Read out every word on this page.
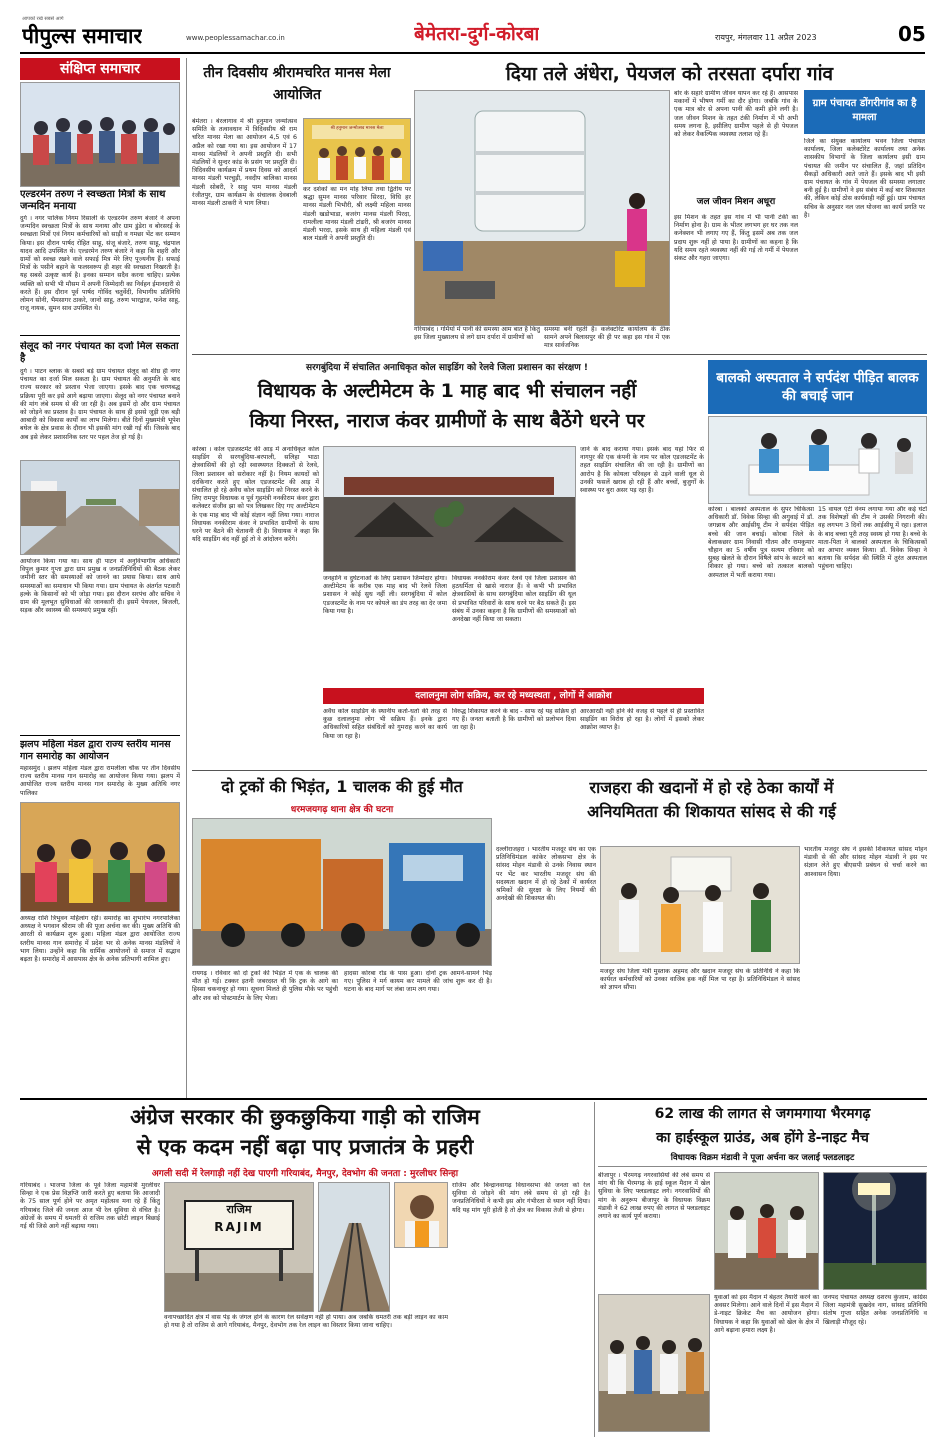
आपको रखे सबसे आगे
पीपुल्स समाचार	www.peoplessamachar.co.in	बेमेतरा-दुर्ग-कोरबा	रायपुर, मंगलवार 11 अप्रैल 2023	05
संक्षिप्त समाचार
एल्डरमेन तरुण ने स्वच्छता मित्रों के साथ जन्मदिन मनाया
दुर्ग । नगर पालिक निगम रिसाली के एल्डरमेन तरुण बंजारे ने अपना जन्मदिन स्वच्छता मित्रों के साथ मनाया और ग्राम डुंडेरा व बोरसरई के स्वच्छता मित्रों एवं निगम कर्मचारियों को साड़ी व गमछा भेंट कर सम्मान किया। इस दौरान पार्षद रोहित साहू, संजू बंजारे, तरुण साहू, चंद्रपाल यादव आदि उपस्थित थे। एल्डरमेन तरुण बंजारे ने कहा कि शहरी और ग्रामों को स्वच्छ रखने वाले सफाई मित्र मेरे लिए पूज्यनीय हैं। सफाई मित्रों के पसीने बहाने के फलस्वरूप ही शहर की स्वच्छता निखरती है। यह सबसे उत्कृष्ट कार्य है। इनका सम्मान सदैव करना चाहिए। प्रत्येक व्यक्ति को सभी भी मौसम में अपनी जिम्मेदारी का निर्वहन ईमानदारी से करते हैं। इस दौरान पूर्व पार्षद गोविंद चतुर्वेदी, विभागीय प्रतिनिधि लोमन सोनी, भैमसागर ठाकरे, जानो साहू, तरुण भारद्वाज, फनेश साहू, राजू नायक, सुमन साव उपस्थित थे।
सेलूद को नगर पंचायत का दर्जा मिल सकता है
दुर्ग । पाटन ब्लाक के सबसे बड़े ग्राम पंचायत सेलूद को शीघ्र ही नगर पंचायत का दर्जा मिल सकता है। ग्राम पंचायत की अनुमति के बाद राज्य सरकार को प्रस्ताव भेजा जाएगा। इसके बाद एक चरणबद्ध प्रक्रिया पूरी कर इसे आगे बढ़ाया जाएगा। सेलूद को नगर पंचायत बनाने की मांग लंबे समय से की जा रही है। अब इसमें दो और ग्राम पंचायत को जोड़ने का प्रस्ताव है। ग्राम पंचायत के साथ ही इससे जुड़ी एक बड़ी आबादी को विकास कार्यों का लाभ मिलेगा। बीते दिनों मुख्यमंत्री भूपेश बघेल के क्षेत्र प्रवास के दौरान भी इसकी मांग रखी गई थी। जिसके बाद अब इसे लेकर प्रशासनिक स्तर पर पहल तेज हो गई है।
आयोजन किया गया था। साथ ही पाटन में अनुविभागीय अधिकारी विपुल कुमार गुप्ता द्वारा ग्राम प्रमुख व जनप्रतिनिधियों की बैठक लेकर जमीनी स्तर की समस्याओं को जानने का प्रयास किया। साथ आये समस्याओं का समाधान भी किया गया। ग्राम पंचायत के अंतर्गत पटवारी हल्के के किसानों को भी जोड़ा गया। इस दौरान सरपंच और सचिव ने ग्राम की मूलभूत सुविधाओं की जानकारी दी। इसमें पेयजल, बिजली, सड़क और स्वास्थ्य की समस्याएं प्रमुख रहीं।
झलप महिला मंडल द्वारा राज्य स्तरीय मानस गान समारोह का आयोजन
महासमुंद । झलप महिला मंडल द्वारा रामलीला चौक पर तीन दिवसीय राज्य स्तरीय मानस गान समारोह का आयोजन किया गया। झलप में आयोजित राज्य स्तरीय मानस गान समारोह के मुख्य अतिथि नगर पालिका
अध्यक्ष राशि त्रिभुवन महिलांग रहीं। समारोह का शुभारंभ नगरपालिका अध्यक्ष ने भगवान श्रीराम जी की पूजा अर्चना कर की। मुख्य अतिथि की आरती से कार्यक्रम शुरू हुआ। महिला मंडल द्वारा आयोजित राज्य स्तरीय मानस गान समारोह में प्रदेश भर से अनेक मानस मंडलियों ने भाग लिया। उन्होंने कहा कि धार्मिक आयोजनों से समाज में सद्भाव बढ़ता है। समारोह में आसपास क्षेत्र के अनेक प्रतिभागी शामिल हुए।
तीन दिवसीय श्रीरामचरित मानस मेला आयोजित
बेमेतरा । बेरलागाव में श्री हनुमान जन्मोत्सव समिति के तत्वावधान में त्रिदिवसीय श्री राम चरित मानस मेला का आयोजन 4,5 एवं 6 अप्रैल को रखा गया था। इस आयोजन में 17 मानस मंडलियों ने अपनी प्रस्तुति दी। सभी मंडलियों ने सुन्दर कांड के प्रसंग पर प्रस्तुति दी। त्रिदिवसीय कार्यक्रम में प्रथम दिवस को आदर्श मानस मंडली भरचुड़ी, नवदीप बालिका मानस मंडली सोबरी, रे साहु पाम मानस मंडली रंजीतपुर, ग्राम कार्यक्रम के संचालक देवबाली मानस मंडली ठाकरी ने भाग लिया।
श्री हनुमान जन्मोत्सव मानस मेला
कर दर्शकों का मन मोह लिया तथा द्वितीय पर श्रद्धा सुमन मानस परिवार सिरदा, विधि हर मानस मंडली भिभौरी, श्री लक्ष्मी महिला मानस मंडली खडोभाडा, बजरंग मानस मंडली पिरदा, रामलीला मानस मंडली टांढरी, श्री बजरंग मानस मंडली भरदा, इसके साथ ही महिला मंडली एवं बाल मंडली ने अपनी प्रस्तुति दी।
दिया तले अंधेरा, पेयजल को तरसता दर्पारा गांव
गरियाबंद । गर्मियों में पानी की समस्या आम बात है किंतु इस जिला मुख्यालय से लगे ग्राम दर्पारा में ग्रामीणों को
समस्या बनी रहती है। कलेक्टोरेट कार्यालय के ठीक सामने अपने बिलासपुर की ही पर कहा इस गांव में एक मात्र सार्वजनिक
बोर के सहारे ग्रामीण जीवन यापन कर रहे हैं। आसपास मकानों में भीषण गर्मी का दौर होगा। जबकि गांव के एक मात्र बोर से अपना पानी की कमी होने लगी है। जल जीवन मिशन के तहत टंकी निर्माण में भी अभी समय लगना है, इसीलिए ग्रामीण पहले से ही पेयजल को लेकर वैकल्पिक व्यवस्था तलाश रहे हैं।
जल जीवन मिशन अधूरा
इस मिशन के तहत इस गांव में भी पानी टंकी का निर्माण होना है। ग्राम के भीतर लगभग हर घर तक नल कनेक्शन भी लगाए गए हैं, किंतु इसमें अब तक जल प्रदाय शुरू नहीं हो पाया है। ग्रामीणों का कहना है कि यदि समय रहते व्यवस्था नहीं की गई तो गर्मी में पेयजल संकट और गहरा जाएगा।
ग्राम पंचायत डोंगरीगांव का है मामला
जिले का संयुक्त कार्यालय भवन जिला पंचायत कार्यालय, जिला कलेक्टोरेट कार्यालय तथा अनेक शासकीय विभागों के जिला कार्यालय इसी ग्राम पंचायत की जमीन पर संचालित हैं, जहां प्रतिदिन सैकड़ों अधिकारी आते जाते हैं। इसके बाद भी इसी ग्राम पंचायत के गांव में पेयजल की समस्या लगातार बनी हुई है। ग्रामीणों ने इस संबंध में कई बार शिकायत की, लेकिन कोई ठोस कार्यवाही नहीं हुई। ग्राम पंचायत सचिव के अनुसार नल जल योजना का कार्य प्रगति पर है।
सरगबुंदिया में संचालित अनाधिकृत कोल साइडिंग को रेलवे जिला प्रशासन का संरक्षण !
विधायक के अल्टीमेटम के 1 माह बाद भी संचालन नहीं
किया निरस्त, नाराज कंवर ग्रामीणों के साथ बैठेंगे धरने पर
कोरबा । कोल एडजस्टमेंट की आड़ में अनाधिकृत कोल साइडिंग से सरगबुंदिया-बरपाली, सलिहा भाठा क्षेत्रवासियों की हो रही स्वास्थ्यगत दिक्कतों से रेलवे, जिला प्रशासन को सरोकार नहीं है। नियम कायदों को दरकिनार करते हुए कोल एडजस्टमेंट की आड़ में संचालित हो रहे अवैध कोल साइडिंग को निरस्त करने के लिए रामपुर विधायक व पूर्व गृहमंत्री ननकीराम कंवर द्वारा कलेक्टर संजीव झा को पत्र लिखकर दिए गए अल्टीमेटम के एक माह बाद भी कोई संज्ञान नहीं लिया गया। नाराज विधायक ननकीराम कंवर ने प्रभावित ग्रामीणों के साथ धरने पर बैठने की चेतावनी दी है। विधायक ने कहा कि यदि साइडिंग बंद नहीं हुई तो वे आंदोलन करेंगे।
जनहानि व दुर्घटनाओं के लिए प्रशासन जिम्मेदार होगा। अल्टीमेटम के करीब एक माह बाद भी रेलवे जिला प्रशासन ने कोई सुध नहीं ली। सरगबुंदिया में कोल एडजस्टमेंट के नाम पर कोयले का डंप तरह का देर जमा किया गया है।
विधायक ननकीराम कंवर रेलवे एवं जिला प्रशासन की हठधर्मिता से खासे नाराज हैं। वे कभी भी प्रभावित क्षेत्रवासियों के साथ सरगबुंदिया कोल साइडिंग की धूल से प्रभावित परिवारों के साथ धरने पर बैठ सकते हैं। इस संबंध में उनका कहना है कि ग्रामीणों की समस्याओं को अनदेखा नहीं किया जा सकता।
जाने के बाद कराया गया। इसके बाद यहां फिर से नागपुर की एक कंपनी के नाम पर कोल एडजस्टमेंट के तहत साइडिंग संचालित की जा रही है। ग्रामीणों का आरोप है कि कोयला परिवहन से उड़ने वाली धूल से उनकी फसलें खराब हो रही हैं और बच्चों, बुजुर्गों के स्वास्थ्य पर बुरा असर पड़ रहा है।
दलालनुमा लोग सक्रिय, कर रहे मध्यस्थता , लोगों में आक्रोश
अवैध कोल साइडिंग के स्थानीय कर्ता-धर्ता की तरह से कुछ दलालनुमा लोग भी सक्रिय हैं। इनके द्वारा अधिकारियों सहित संबंधितों को गुमराह करने का कार्य किया जा रहा है।
विरुद्ध शिकायत करने के बाद - साफ रहे यह सक्रिय हो गए हैं। जनता बताती है कि ग्रामीणों को प्रलोभन दिया जा रहा है।
आरआरडी नहीं होने की वजह से पहले से ही प्रस्तावित साइडिंग का विरोध हो रहा है। लोगों में इसको लेकर आक्रोश व्याप्त है।
बालको अस्पताल ने सर्पदंश पीड़ित बालक की बचाई जान
कोरबा । बालको अस्पताल के सुपर चिकित्सा अधिकारी डॉ. विवेक सिन्हा की अगुवाई में डॉ. जगन्नाथ और आईसीयू टीम ने सर्पदंश पीड़ित बच्चे की जान बचाई। कोरबा जिले के बेलाकछार ग्राम निवासी गौतम और रामकुमार चौहान का 5 वर्षीय पुत्र सत्यम रविवार को सुबह खेलते के दौरान विषैले सांप के काटने का शिकार हो गया। बच्चे को तत्काल बालको अस्पताल में भर्ती कराया गया।
15 वायल एंटी वेनम लगाया गया और कई घंटों तक विशेषज्ञों की टीम ने उसकी निगरानी की। वह लगभग 3 दिनों तक आईसीयू में रहा। इलाज के बाद बच्चा पूरी तरह स्वस्थ हो गया है। बच्चे के माता-पिता ने बालको अस्पताल के चिकित्सकों का आभार व्यक्त किया। डॉ. विवेक सिन्हा ने बताया कि सर्पदंश की स्थिति में तुरंत अस्पताल पहुंचना चाहिए।
दो ट्रकों की भिड़ंत, 1 चालक की हुई मौत
धरमजयगढ़ थाना क्षेत्र की घटना
रायगढ़ । रविवार को दो ट्रकों की भिड़ंत में एक के चालक की मौत हो गई। टक्कर इतनी जबरदस्त थी कि ट्रक के आगे का हिस्सा चकनाचूर हो गया। सूचना मिलते ही पुलिस मौके पर पहुंची और शव को पोस्टमार्टम के लिए भेजा।
हादसा कोरबा रोड के पास हुआ। दोनों ट्रक आमने-सामने भिड़ गए। पुलिस ने मर्ग कायम कर मामले की जांच शुरू कर दी है। घटना के बाद मार्ग पर लंबा जाम लग गया।
राजहरा की खदानों में हो रहे ठेका कार्यों में
अनियमितता की शिकायत सांसद से की गई
दल्लीराजहरा । भारतीय मजदूर संघ का एक प्रतिनिधिमंडल कांकेर लोकसभा क्षेत्र के सांसद मोहन मंडावी से उनके निवास स्थान पर भेंट कर भारतीय मजदूर संघ की सदस्यता खदान में हो रहे ठेकों में कार्यरत श्रमिकों की सुरक्षा के लिए नियमों की अनदेखी की शिकायत की।
मजदूर संघ जिला मंत्री मुस्ताक अहमद और खदान मजदूर संघ के प्रतिनिधि ने कहा कि कार्यरत कर्मचारियों को उनका वाजिब हक नहीं मिल पा रहा है। प्रतिनिधिमंडल ने सांसद को ज्ञापन सौंपा।
भारतीय मजदूर संघ ने इसकी शिकायत सांसद मोहन मंडावी से की और सांसद मोहन मंडावी ने इस पर संज्ञान लेते हुए बीएसपी प्रबंधन से चर्चा करने का आश्वासन दिया।
अंग्रेज सरकार की छुकछुकिया गाड़ी को राजिम
से एक कदम नहीं बढ़ा पाए प्रजातंत्र के प्रहरी
अगली सदी में रेलगाड़ी नहीं देख पाएगी गरियाबंद, मैनपुर, देवभोग की जनता : मुरलीधर सिन्हा
गरियाबंद । भाजपा जिला के पूर्व जिला महामंत्री मुरलीधर सिन्हा ने एक प्रेस विज्ञप्ति जारी करते हुए बताया कि आजादी के 75 साल पूर्ण होने पर अमृत महोत्सव मना रहे हैं किंतु गरियाबंद जिले की जनता आज भी रेल सुविधा से वंचित है। अंग्रेजों के समय में धमतरी से राजिम तक छोटी लाइन बिछाई गई थी जिसे आगे नहीं बढ़ाया गया।
राजिम
RAJIM
वनापच्छादित क्षेत्र में वास पेड़ के जंगल होने के कारण रेल सर्वेक्षण नहीं हो पाया। अब जबकि धमतरी तक बड़ी लाइन का काम हो गया है तो राजिम से आगे गरियाबंद, मैनपुर, देवभोग तक रेल लाइन का विस्तार किया जाना चाहिए।
राजिम और बिन्द्रानवागढ़ विधानसभा की जनता को रेल सुविधा से जोड़ने की मांग लंबे समय से हो रही है। जनप्रतिनिधियों ने कभी इस ओर गंभीरता से ध्यान नहीं दिया। यदि यह मांग पूरी होती है तो क्षेत्र का विकास तेजी से होगा।
62 लाख की लागत से जगमगाया भैरमगढ़
का हाईस्कूल ग्राउंड, अब होंगे डे-नाइट मैच
विधायक विक्रम मंडावी ने पूजा अर्चना कर जलाई फ्लडलाइट
बीजापुर । भैरमगढ़ नगरवासियों की लंबे समय से मांग थी कि भैरमगढ़ के हाई स्कूल मैदान में खेल सुविधा के लिए फ्लडलाइट लगे। नगरवासियों की मांग के अनुरूप बीजापुर के विधायक विक्रम मंडावी ने 62 लाख रुपए की लागत से फ्लडलाइट लगाने का कार्य पूर्ण कराया।
युवाओं को इस मैदान में बेहतर तैयारी करने का अवसर मिलेगा। आने वाले दिनों में इस मैदान में डे-नाइट क्रिकेट मैच का आयोजन होगा। विधायक ने कहा कि युवाओं को खेल के क्षेत्र में आगे बढ़ाना हमारा लक्ष्य है।
जनपद पंचायत अध्यक्ष दशरथ कुंजाम, कांग्रेस जिला महामंत्री सुखदेव नाग, सांसद प्रतिनिधि संतोष गुप्ता सहित अनेक जनप्रतिनिधि व खिलाड़ी मौजूद रहे।
